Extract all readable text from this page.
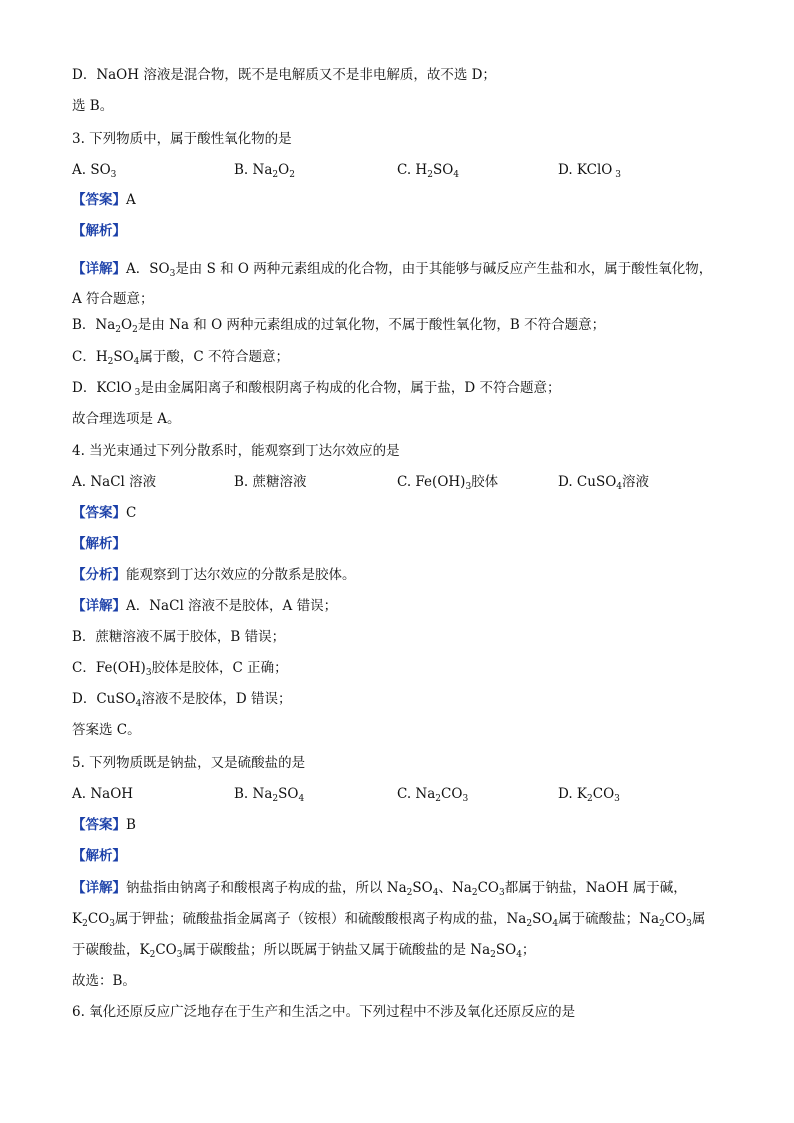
D．NaOH 溶液是混合物，既不是电解质又不是非电解质，故不选 D；
选 B。
3. 下列物质中，属于酸性氧化物的是
A. $SO_3$	B. $Na_2O_2$	C. $H_2SO_4$	D. KClO $_3$
【答案】A
【解析】
【详解】A．$SO_3$是由 S 和 O 两种元素组成的化合物，由于其能够与碱反应产生盐和水，属于酸性氧化物，A 符合题意；
B．$Na_2O_2$是由 Na 和 O 两种元素组成的过氧化物，不属于酸性氧化物，B 不符合题意；
C．$H_2SO_4$属于酸，C 不符合题意；
D．KClO $_3$是由金属阳离子和酸根阴离子构成的化合物，属于盐，D 不符合题意；
故合理选项是 A。
4. 当光束通过下列分散系时，能观察到丁达尔效应的是
A. NaCl 溶液	B. 蔗糖溶液	C. $Fe(OH)_3$胶体	D. CuSO$_4$溶液
【答案】C
【解析】
【分析】能观察到丁达尔效应的分散系是胶体。
【详解】A．NaCl 溶液不是胶体，A 错误；
B．蔗糖溶液不属于胶体，B 错误；
C．$Fe(OH)_3$胶体是胶体，C 正确；
D．CuSO$_4$溶液不是胶体，D 错误；
答案选 C。
5. 下列物质既是钠盐，又是硫酸盐的是
A. NaOH	B. $Na_2SO_4$	C. $Na_2CO_3$	D. $K_2CO_3$
【答案】B
【解析】
【详解】钠盐指由钠离子和酸根离子构成的盐，所以 $Na_2SO_4$、$Na_2CO_3$都属于钠盐，NaOH 属于碱，
$K_2CO_3$属于钾盐；硫酸盐指金属离子（铵根）和硫酸酸根离子构成的盐，$Na_2SO_4$属于硫酸盐；$Na_2CO_3$属
于碳酸盐，$K_2CO_3$属于碳酸盐；所以既属于钠盐又属于硫酸盐的是 $Na_2SO_4$；
故选：B。
6. 氧化还原反应广泛地存在于生产和生活之中。下列过程中不涉及氧化还原反应的是
